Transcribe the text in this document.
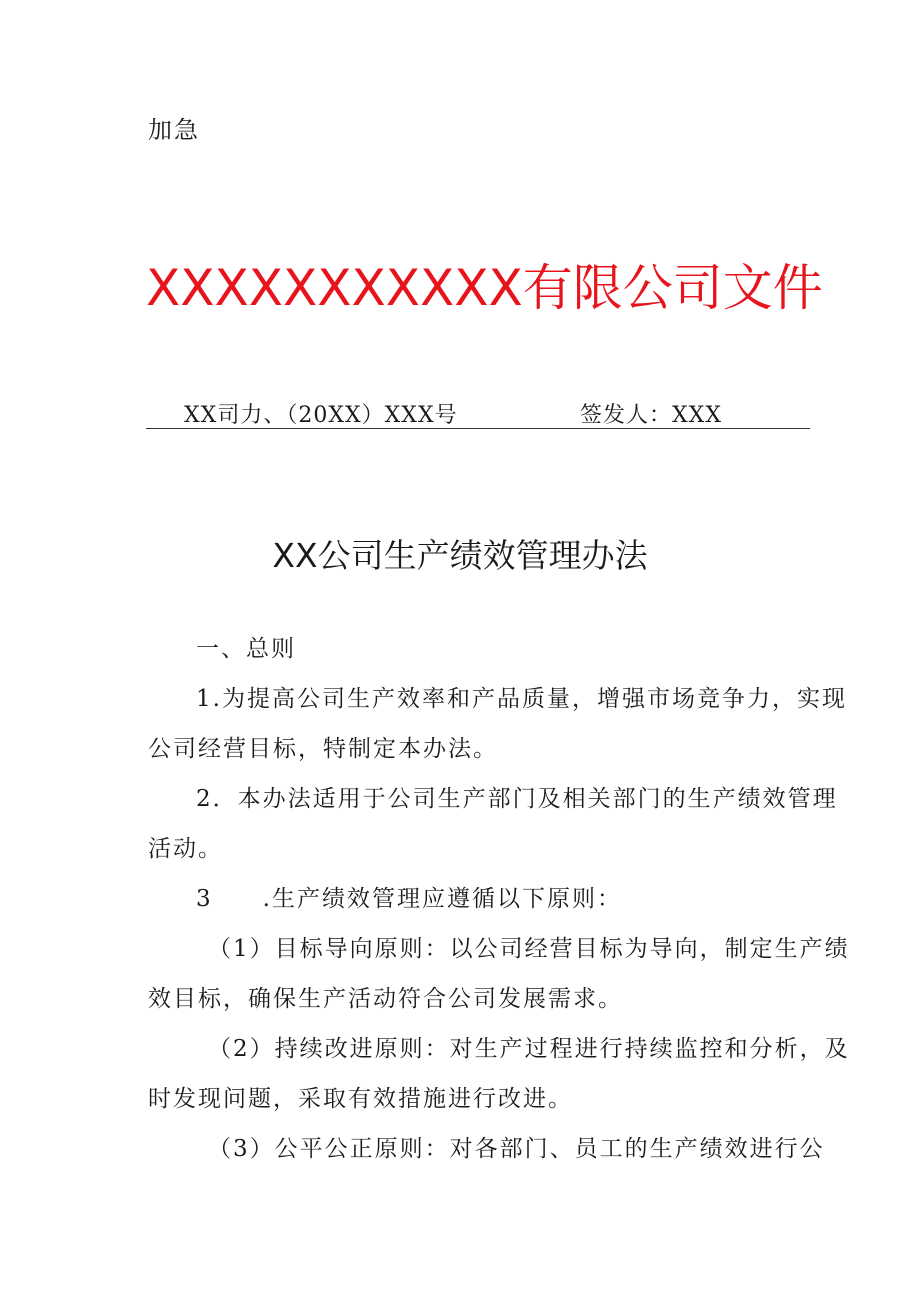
加急
XXXXXXXXXXX有限公司文件
XX司力、（20XX）XXX号	签发人：XXX
XX公司生产绩效管理办法
一、总则
1.为提高公司生产效率和产品质量，增强市场竞争力，实现
公司经营目标，特制定本办法。
2．本办法适用于公司生产部门及相关部门的生产绩效管理
活动。
3　　.生产绩效管理应遵循以下原则：
（1）目标导向原则：以公司经营目标为导向，制定生产绩
效目标，确保生产活动符合公司发展需求。
（2）持续改进原则：对生产过程进行持续监控和分析，及
时发现问题，采取有效措施进行改进。
（3）公平公正原则：对各部门、员工的生产绩效进行公
